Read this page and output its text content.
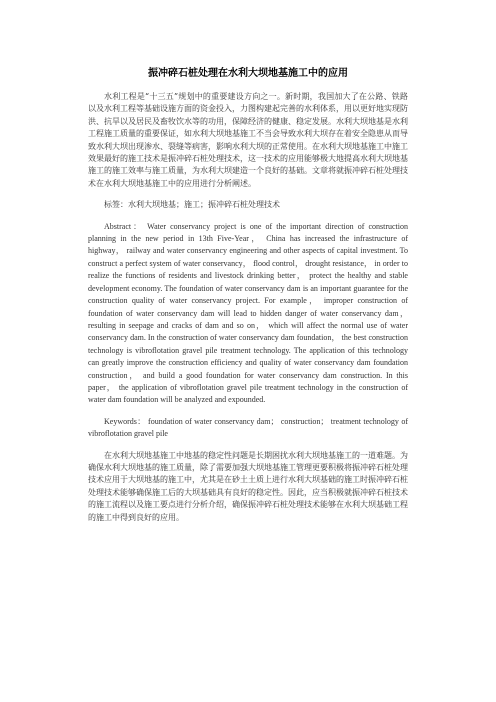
振冲碎石桩处理在水利大坝地基施工中的应用

水利工程是“十三五”规划中的重要建设方向之一。新时期，我国加大了在公路、铁路以及水利工程等基础设施方面的资金投入，力图构建起完善的水利体系，用以更好地实现防洪、抗旱以及居民及畜牧饮水等的功用，保障经济的健康、稳定发展。水利大坝地基是水利工程施工质量的重要保证，如水利大坝地基施工不当会导致水利大坝存在着安全隐患从而导致水利大坝出现渗水、裂缝等病害，影响水利大坝的正常使用。在水利大坝地基施工中施工效果最好的施工技术是振冲碎石桩处理技术，这一技术的应用能够极大地提高水利大坝地基施工的施工效率与施工质量，为水利大坝建造一个良好的基础。文章将就振冲碎石桩处理技术在水利大坝地基施工中的应用进行分析阐述。

标签：水利大坝地基；施工；振冲碎石桩处理技术

Abstract： Water conservancy project is one of the important direction of construction planning in the new period in 13th Five-Year， China has increased the infrastructure of highway， railway and water conservancy engineering and other aspects of capital investment. To construct a perfect system of water conservancy， flood control， drought resistance， in order to realize the functions of residents and livestock drinking better， protect the healthy and stable development economy. The foundation of water conservancy dam is an important guarantee for the construction quality of water conservancy project. For example， improper construction of foundation of water conservancy dam will lead to hidden danger of water conservancy dam， resulting in seepage and cracks of dam and so on， which will affect the normal use of water conservancy dam. In the construction of water conservancy dam foundation， the best construction technology is vibroflotation gravel pile treatment technology. The application of this technology can greatly improve the construction efficiency and quality of water conservancy dam foundation construction， and build a good foundation for water conservancy dam construction. In this paper， the application of vibroflotation gravel pile treatment technology in the construction of water dam foundation will be analyzed and expounded.

Keywords： foundation of water conservancy dam； construction； treatment technology of vibroflotation gravel pile

在水利大坝地基施工中地基的稳定性问题是长期困扰水利大坝地基施工的一道难题。为确保水利大坝地基的施工质量，除了需要加强大坝地基施工管理更要积极将振冲碎石桩处理技术应用于大坝地基的施工中，尤其是在砂土土质上进行水利大坝基础的施工时振冲碎石桩处理技术能够确保施工后的大坝基础具有良好的稳定性。因此，应当积极就振冲碎石桩技术的施工流程以及施工要点进行分析介绍，确保振冲碎石桩处理技术能够在水利大坝基础工程的施工中得到良好的应用。
